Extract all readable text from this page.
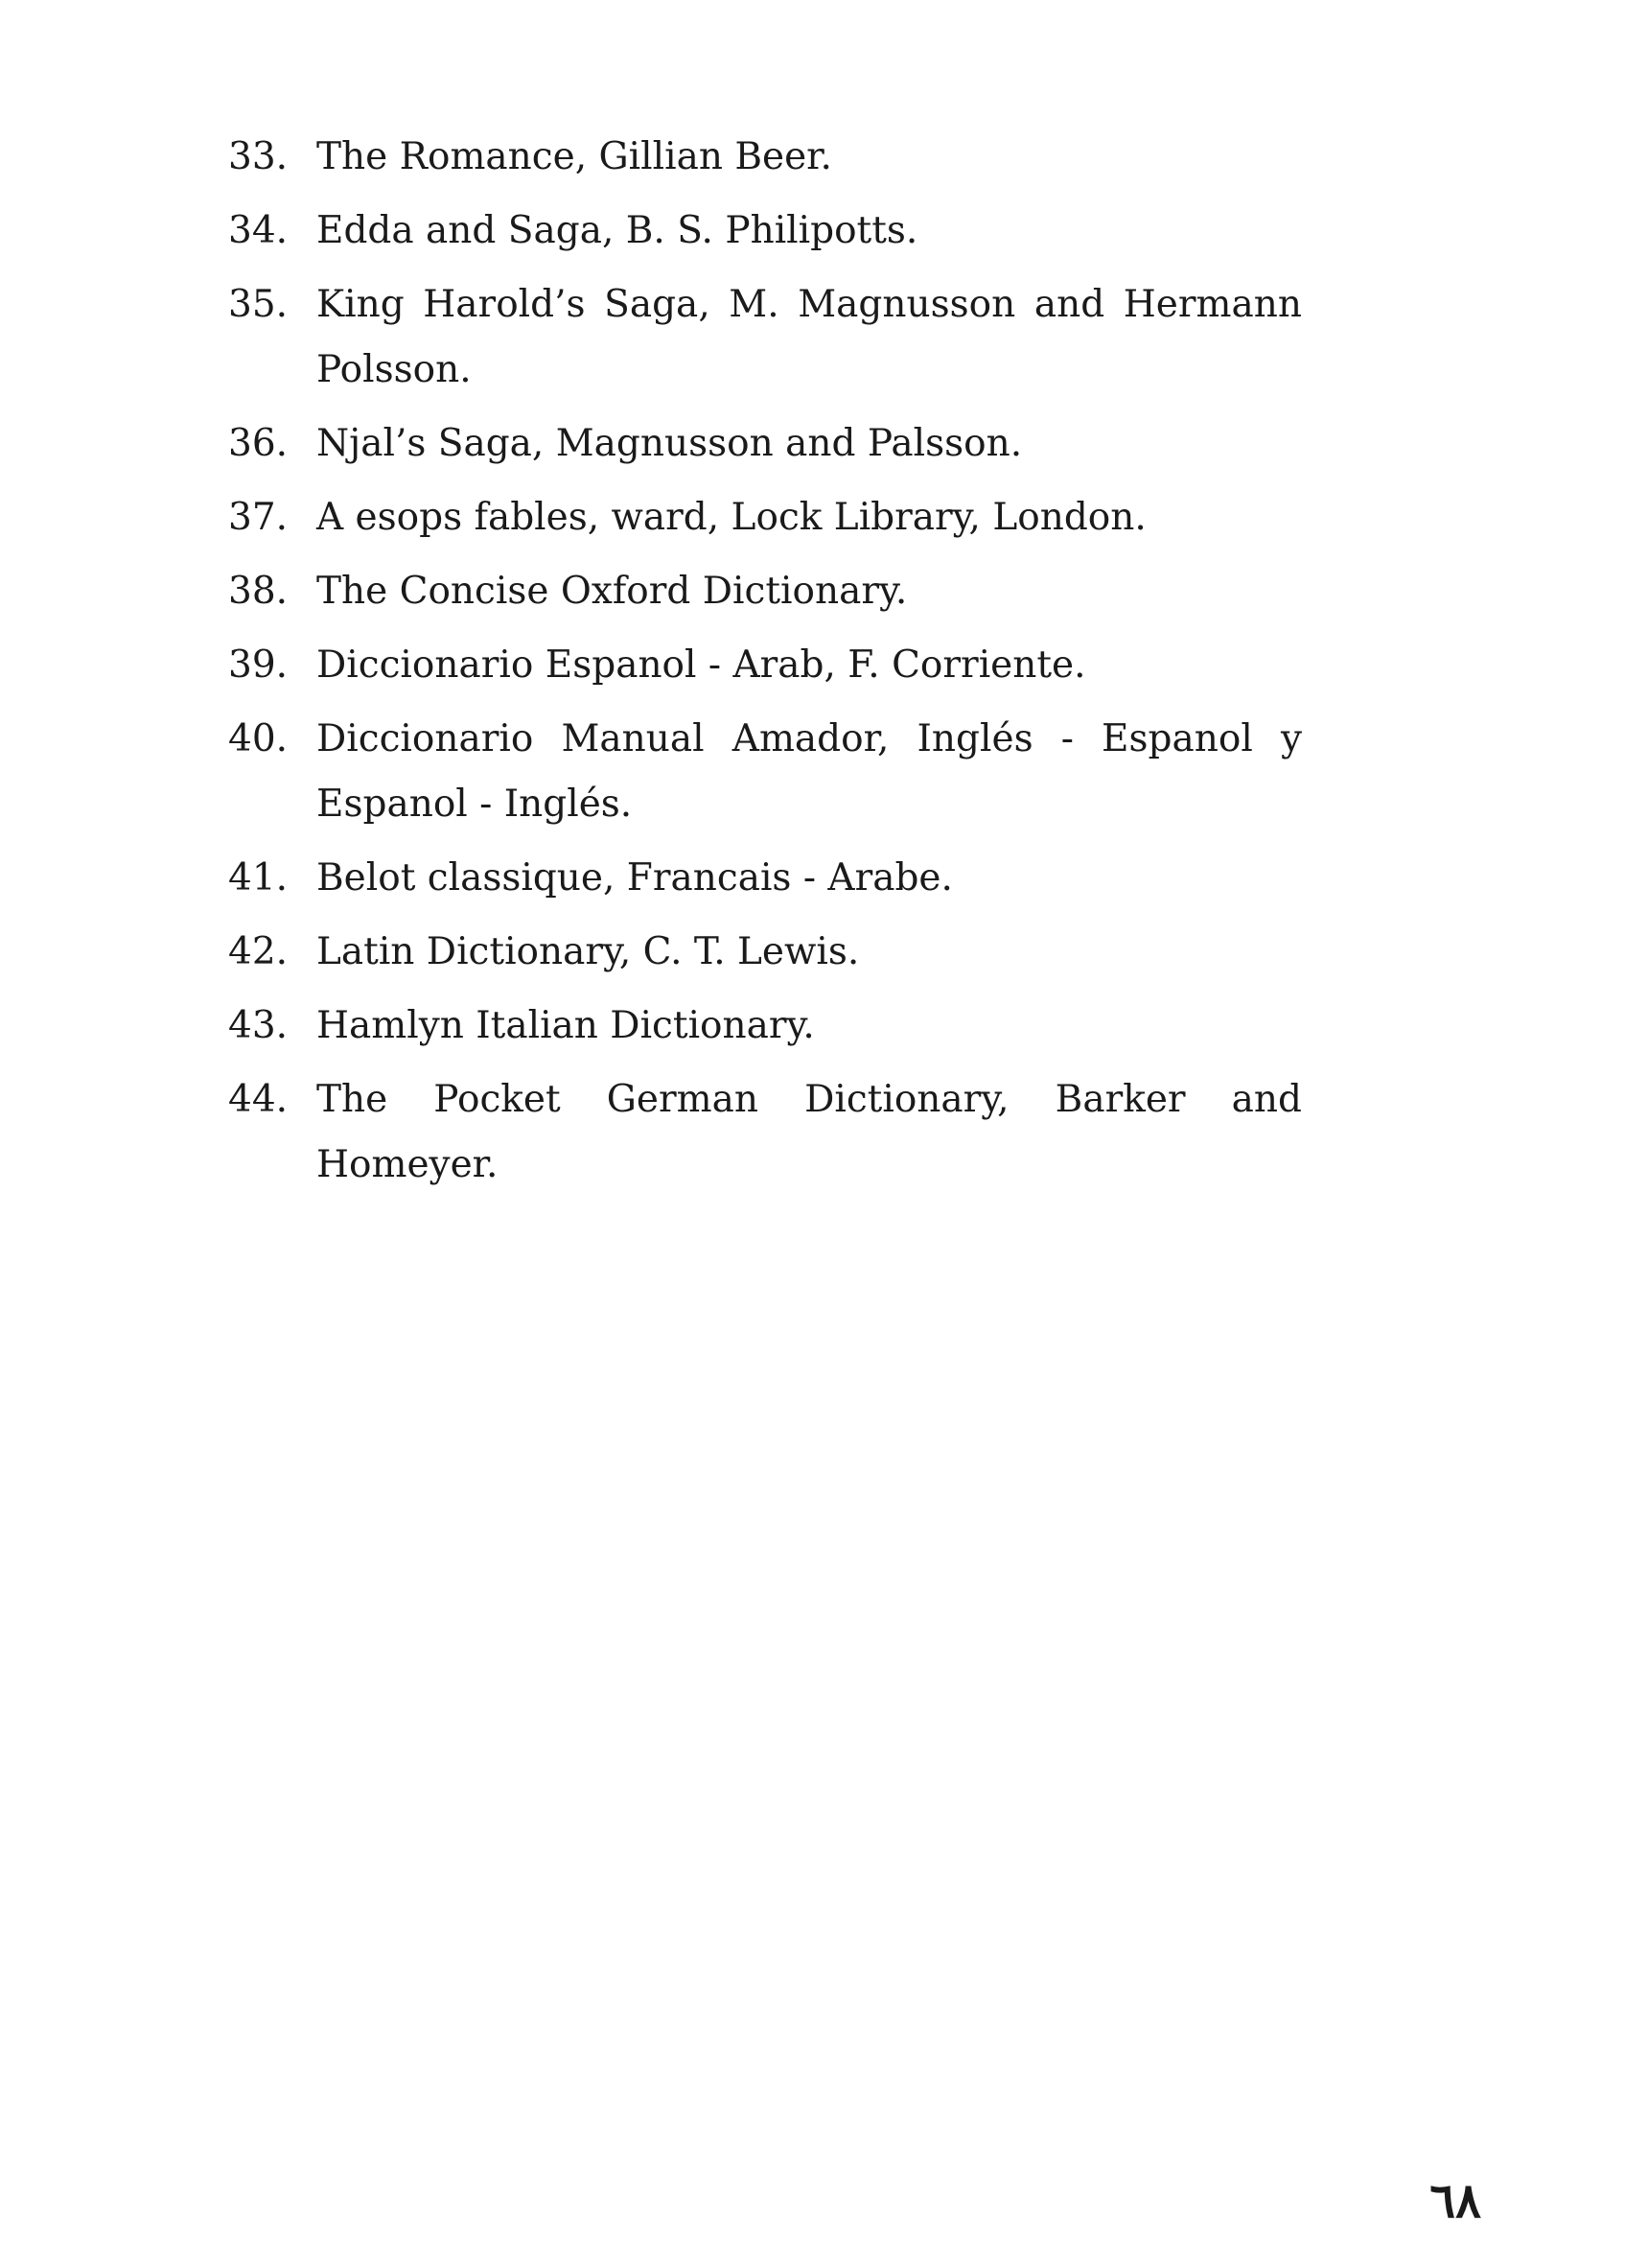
33. The Romance, Gillian Beer.
34. Edda and Saga, B. S. Philipotts.
35. King Harold’s Saga, M. Magnusson and Hermann Polsson.
36. Njal’s Saga, Magnusson and Palsson.
37. A esops fables, ward, Lock Library, London.
38. The Concise Oxford Dictionary.
39. Diccionario Espanol - Arab, F. Corriente.
40. Diccionario Manual Amador, Inglés - Espanol y Espanol - Inglés.
41. Belot classique, Francais - Arabe.
42. Latin Dictionary, C. T. Lewis.
43. Hamlyn Italian Dictionary.
44. The Pocket German Dictionary, Barker and Homeyer.
٦٨
